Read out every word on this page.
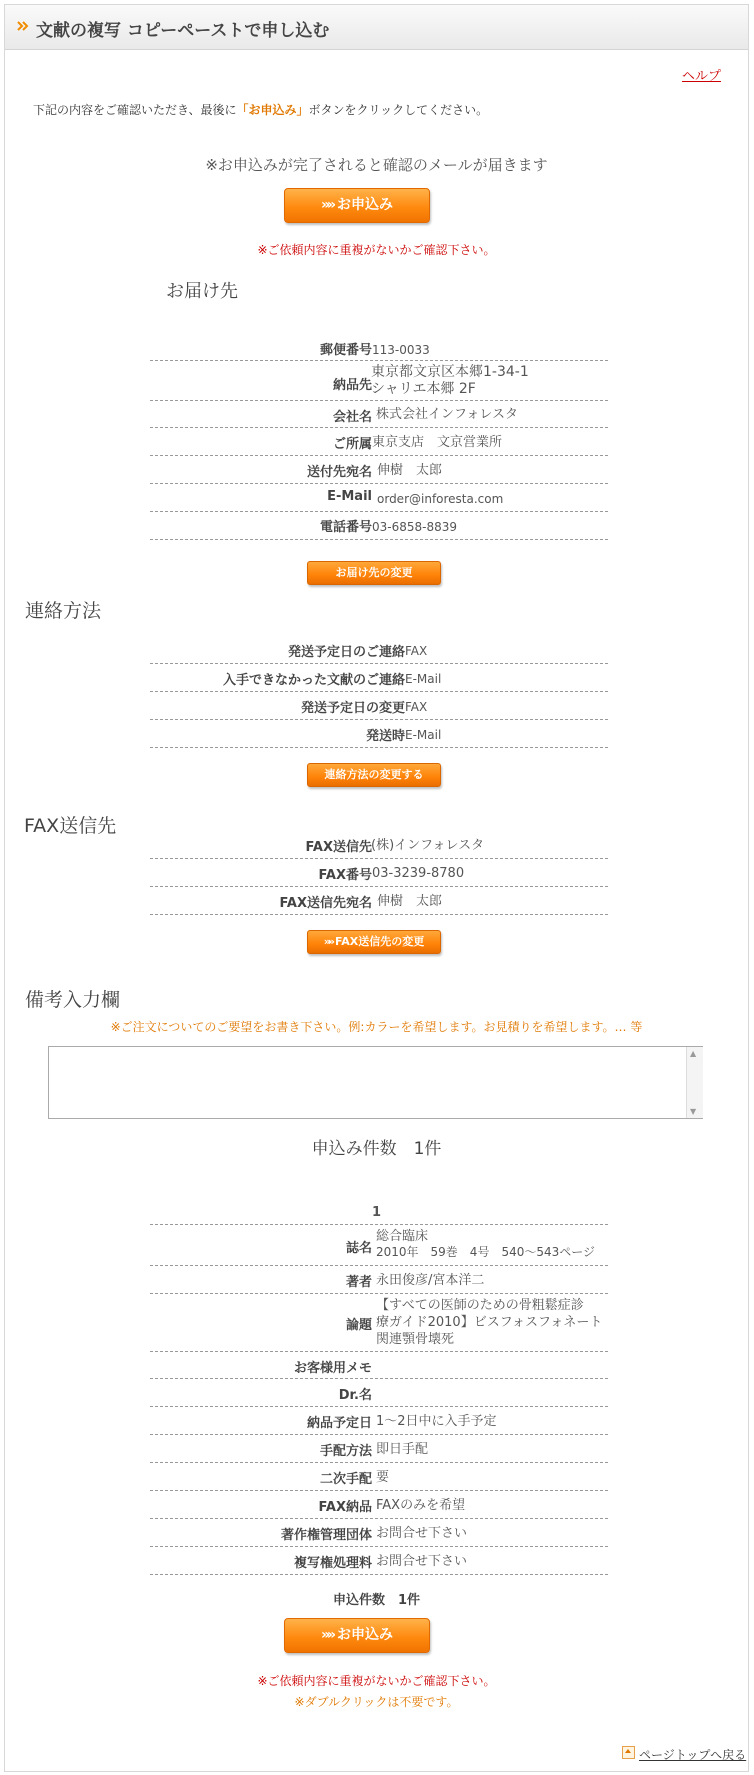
文献の複写 コピーペーストで申し込む
ヘルプ
下記の内容をご確認いただき、最後に「お申込み」ボタンをクリックしてください。
※お申込みが完了されると確認のメールが届きます
»» お申込み
※ご依頼内容に重複がないかご確認下さい。
お届け先
郵便番号 113-0033
納品先
東京都文京区本郷1-34-1
シャリエ本郷 2F
会社名 株式会社インフォレスタ
ご所属 東京支店　文京営業所
送付先宛名 伸樹　太郎
E-Mail order@inforesta.com
電話番号 03-6858-8839
お届け先の変更
連絡方法
発送予定日のご連絡 FAX
入手できなかった文献のご連絡 E-Mail
発送予定日の変更 FAX
発送時 E-Mail
連絡方法の変更する
FAX送信先
FAX送信先 (株)インフォレスタ
FAX番号 03-3239-8780
FAX送信先宛名 伸樹　太郎
»» FAX送信先の変更
備考入力欄
※ご注文についてのご要望をお書き下さい。例:カラーを希望します。お見積りを希望します。… 等
▲
▼
申込み件数　1件
1
誌名
総合臨床
2010年　59巻　4号　540〜543ページ
著者 永田俊彦/宮本洋二
論題
【すべての医師のための骨粗鬆症診
療ガイド2010】ビスフォスフォネート
関連顎骨壊死
お客様用メモ
Dr.名
納品予定日 1〜2日中に入手予定
手配方法 即日手配
二次手配 要
FAX納品 FAXのみを希望
著作権管理団体 お問合せ下さい
複写権処理料 お問合せ下さい
申込件数　1件
»» お申込み
※ご依頼内容に重複がないかご確認下さい。
※ダブルクリックは不要です。
ページトップへ戻る
